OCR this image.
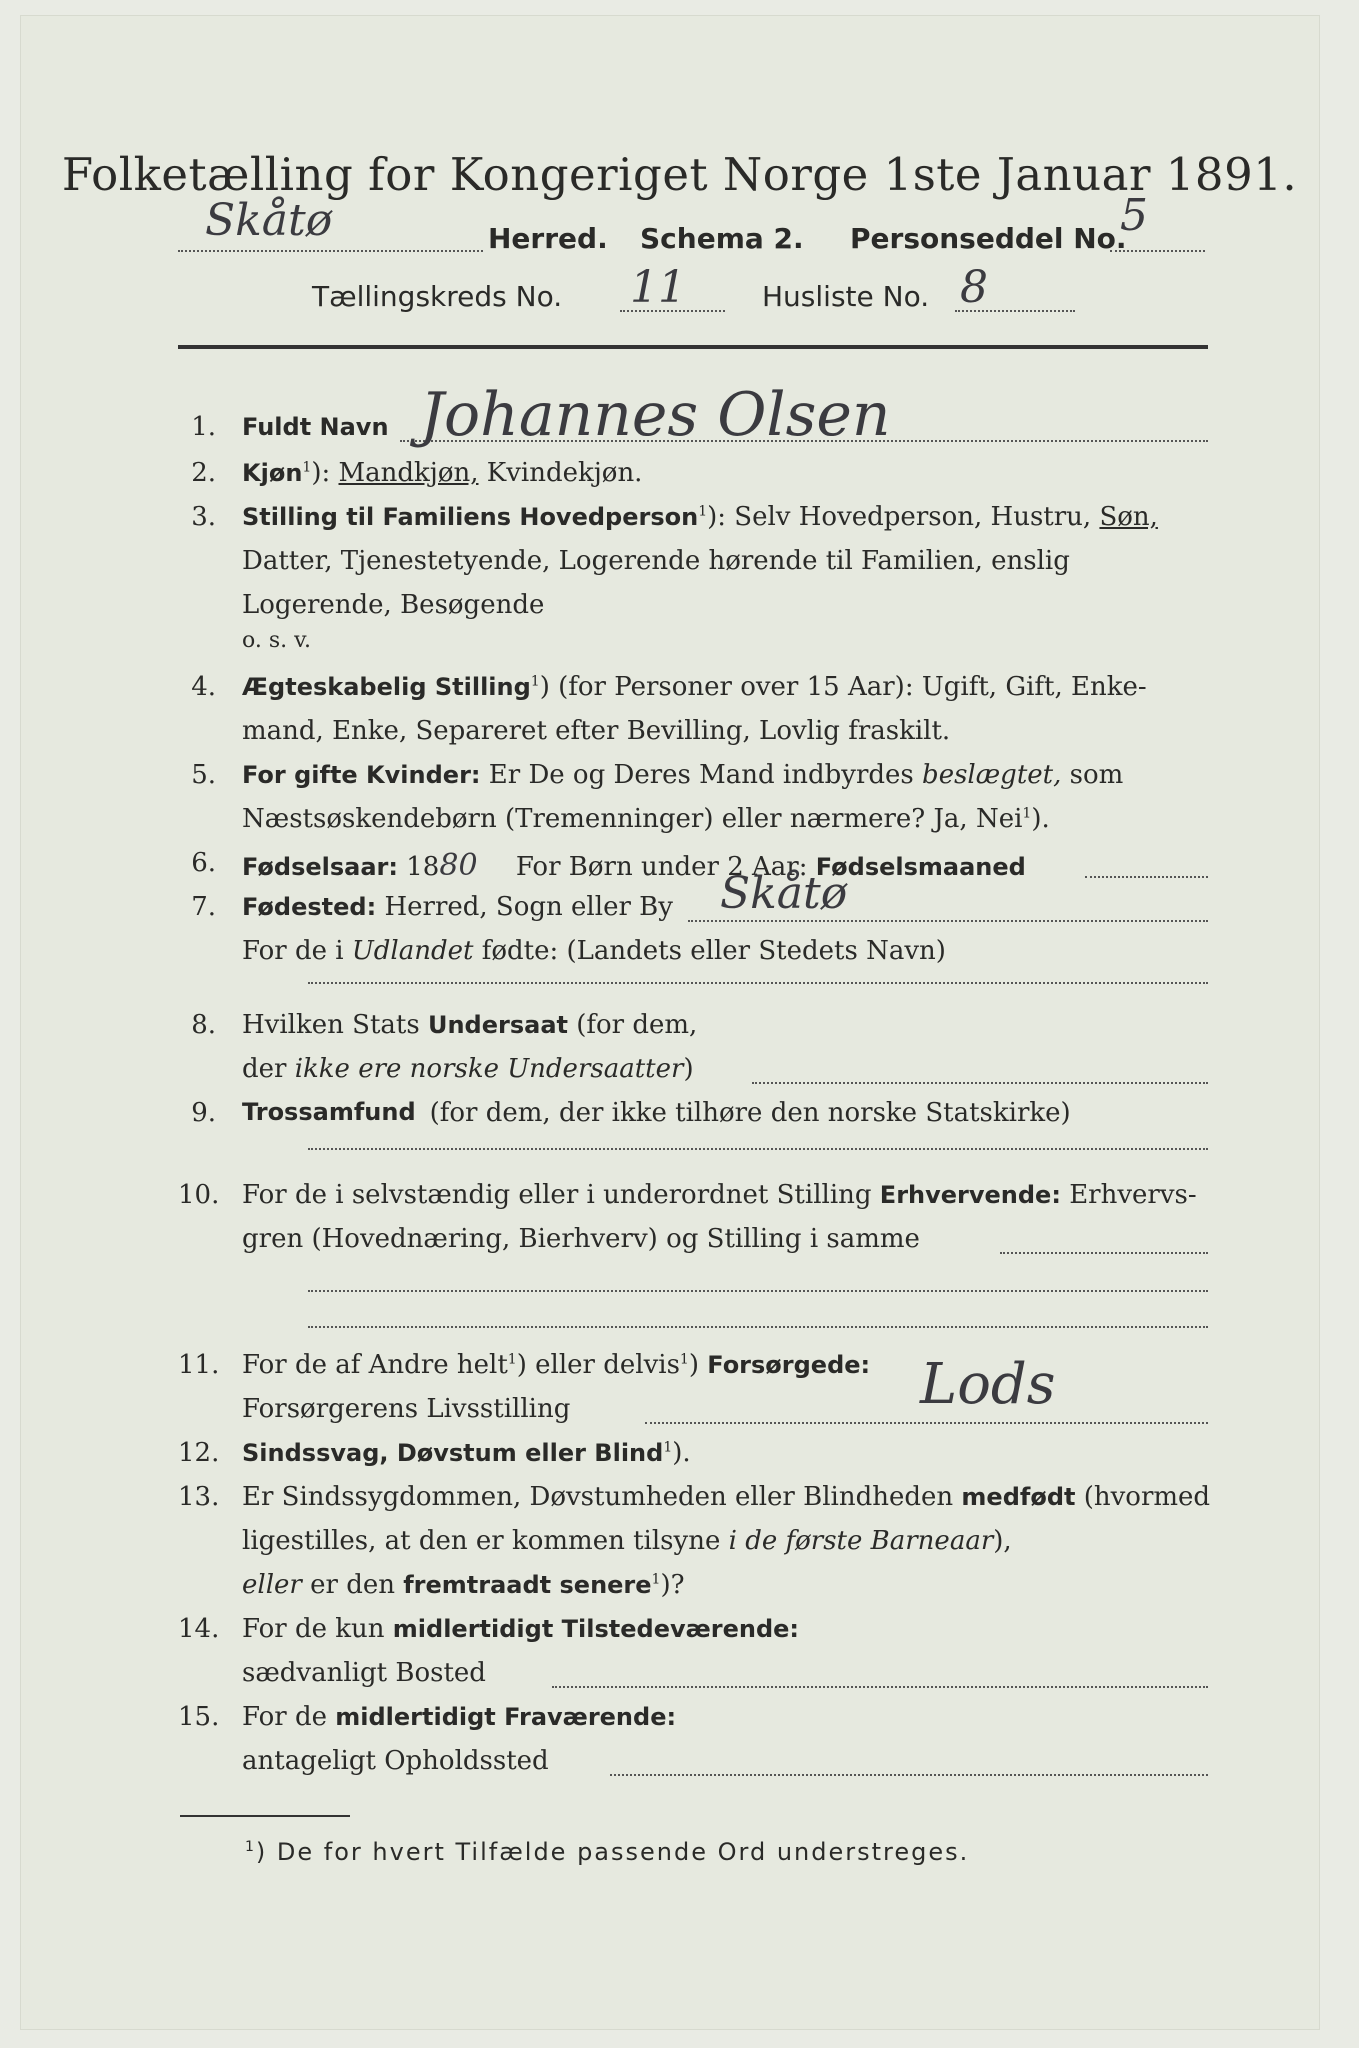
Folketælling for Kongeriget Norge 1ste Januar 1891.
Skåtø	Herred. Schema 2. Personseddel No.
5
Tællingskreds No. 11	Husliste No. 8
1. Fuldt Navn Johannes Olsen
2. Kjøn$^1$): Mandkjøn, Kvindekjøn.
3. Stilling til Familiens Hovedperson$^1$): Selv Hovedperson, Hustru, Søn,
Datter, Tjenestetyende, Logerende hørende til Familien, enslig
Logerende, Besøgende
o. s. v.
4. Ægteskabelig Stilling$^1$) (for Personer over 15 Aar): Ugift, Gift, Enke-
mand, Enke, Separeret efter Bevilling, Lovlig fraskilt.
5. For gifte Kvinder: Er De og Deres Mand indbyrdes beslægtet, som
Næstsøskendebørn (Tremenninger) eller nærmere? Ja, Nei$^1$).
6. Fødselsaar: 1880 For Børn under 2 Aar: Fødselsmaaned
7. Fødested: Herred, Sogn eller By Skåtø
For de i Udlandet fødte: (Landets eller Stedets Navn)
8. Hvilken Stats Undersaat (for dem,
der ikke ere norske Undersaatter)
9. Trossamfund (for dem, der ikke tilhøre den norske Statskirke)
10. For de i selvstændig eller i underordnet Stilling Erhvervende: Erhvervs-
gren (Hovednæring, Bierhverv) og Stilling i samme
11. For de af Andre helt$^1$) eller delvis$^1$) Forsørgede:
Forsørgerens Livsstilling	Lods
12. Sindssvag, Døvstum eller Blind$^1$).
13. Er Sindssygdommen, Døvstumheden eller Blindheden medfødt (hvormed
ligestilles, at den er kommen tilsyne i de første Barneaar),
eller er den fremtraadt senere$^1$)?
14. For de kun midlertidigt Tilstedeværende:
sædvanligt Bosted
15. For de midlertidigt Fraværende:
antageligt Opholdssted
$^1$) De for hvert Tilfælde passende Ord understreges.
